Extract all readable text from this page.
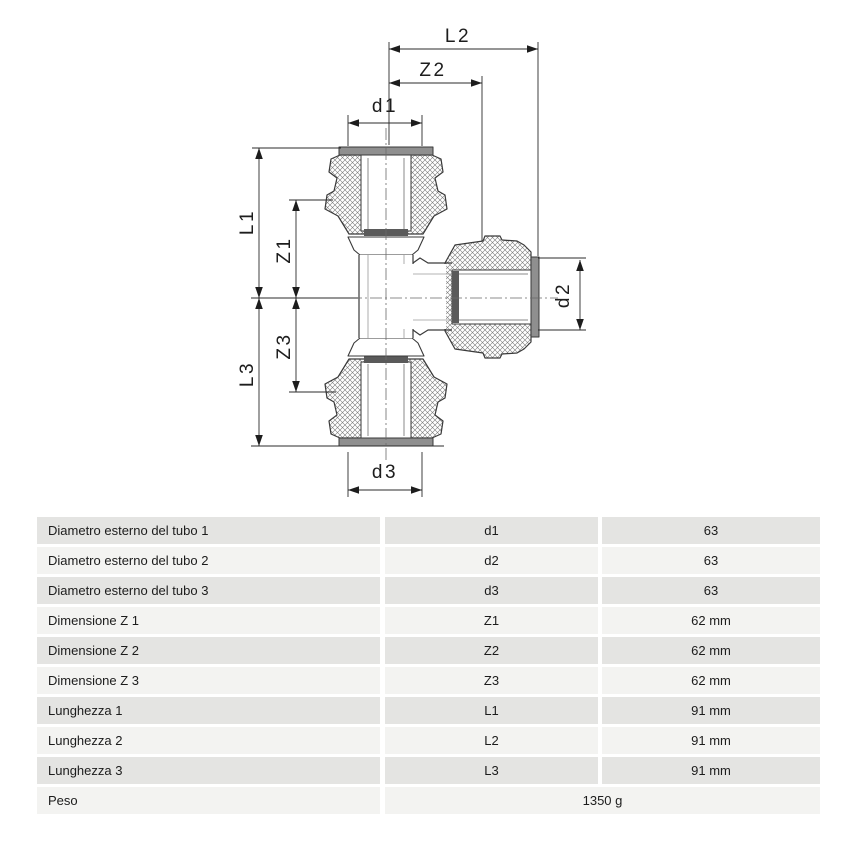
L2
Z2
d1
L1
Z1
Z3
L3
d2
d3
Diametro esterno del tubo 1	d1	63
Diametro esterno del tubo 2	d2	63
Diametro esterno del tubo 3	d3	63
Dimensione Z 1	Z1	62 mm
Dimensione Z 2	Z2	62 mm
Dimensione Z 3	Z3	62 mm
Lunghezza 1	L1	91 mm
Lunghezza 2	L2	91 mm
Lunghezza 3	L3	91 mm
Peso	1350 g
